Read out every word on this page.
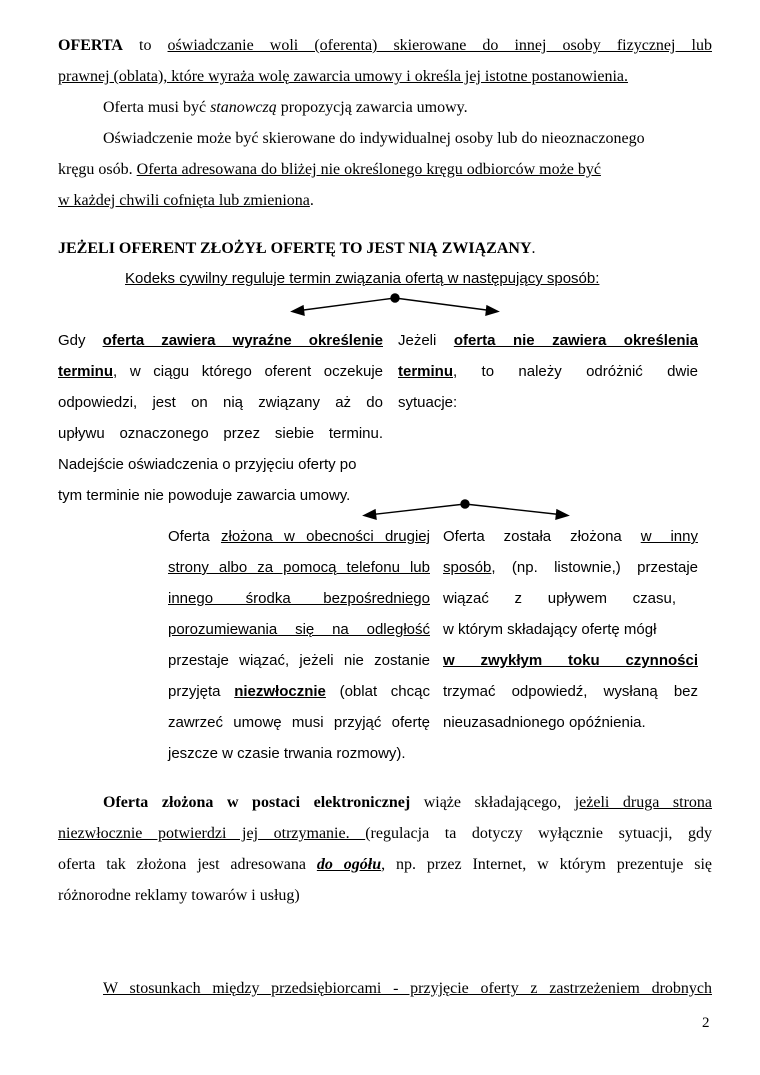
OFERTA to oświadczanie woli (oferenta) skierowane do innej osoby fizycznej lub
prawnej (oblata), które wyraża wolę zawarcia umowy i określa jej istotne postanowienia.
Oferta musi być stanowczą propozycją zawarcia umowy.
Oświadczenie może być skierowane do indywidualnej osoby lub do nieoznaczonego
kręgu osób. Oferta adresowana do bliżej nie określonego kręgu odbiorców może być
w każdej chwili cofnięta lub zmieniona.
JEŻELI OFERENT ZŁOŻYŁ OFERTĘ TO JEST NIĄ ZWIĄZANY.
Kodeks cywilny reguluje termin związania ofertą w następujący sposób:
Gdy oferta zawiera wyraźne określenie
terminu, w ciągu którego oferent oczekuje
odpowiedzi, jest on nią związany aż do
upływu oznaczonego przez siebie terminu.
Nadejście oświadczenia o przyjęciu oferty po
tym terminie nie powoduje zawarcia umowy.
Jeżeli oferta nie zawiera określenia
terminu, to należy odróżnić dwie
sytuacje:
Oferta złożona w obecności drugiej
strony albo za pomocą telefonu lub
innego środka bezpośredniego
porozumiewania się na odległość
przestaje wiązać, jeżeli nie zostanie
przyjęta niezwłocznie (oblat chcąc
zawrzeć umowę musi przyjąć ofertę
jeszcze w czasie trwania rozmowy).
Oferta została złożona w inny
sposób, (np. listownie,) przestaje
wiązać z upływem czasu,
w którym składający ofertę mógł
w zwykłym toku czynności
trzymać odpowiedź, wysłaną bez
nieuzasadnionego opóźnienia.
Oferta złożona w postaci elektronicznej wiąże składającego, jeżeli druga strona
niezwłocznie potwierdzi jej otrzymanie. (regulacja ta dotyczy wyłącznie sytuacji, gdy
oferta tak złożona jest adresowana do ogółu, np. przez Internet, w którym prezentuje się
różnorodne reklamy towarów i usług)
W stosunkach między przedsiębiorcami - przyjęcie oferty z zastrzeżeniem drobnych
2
